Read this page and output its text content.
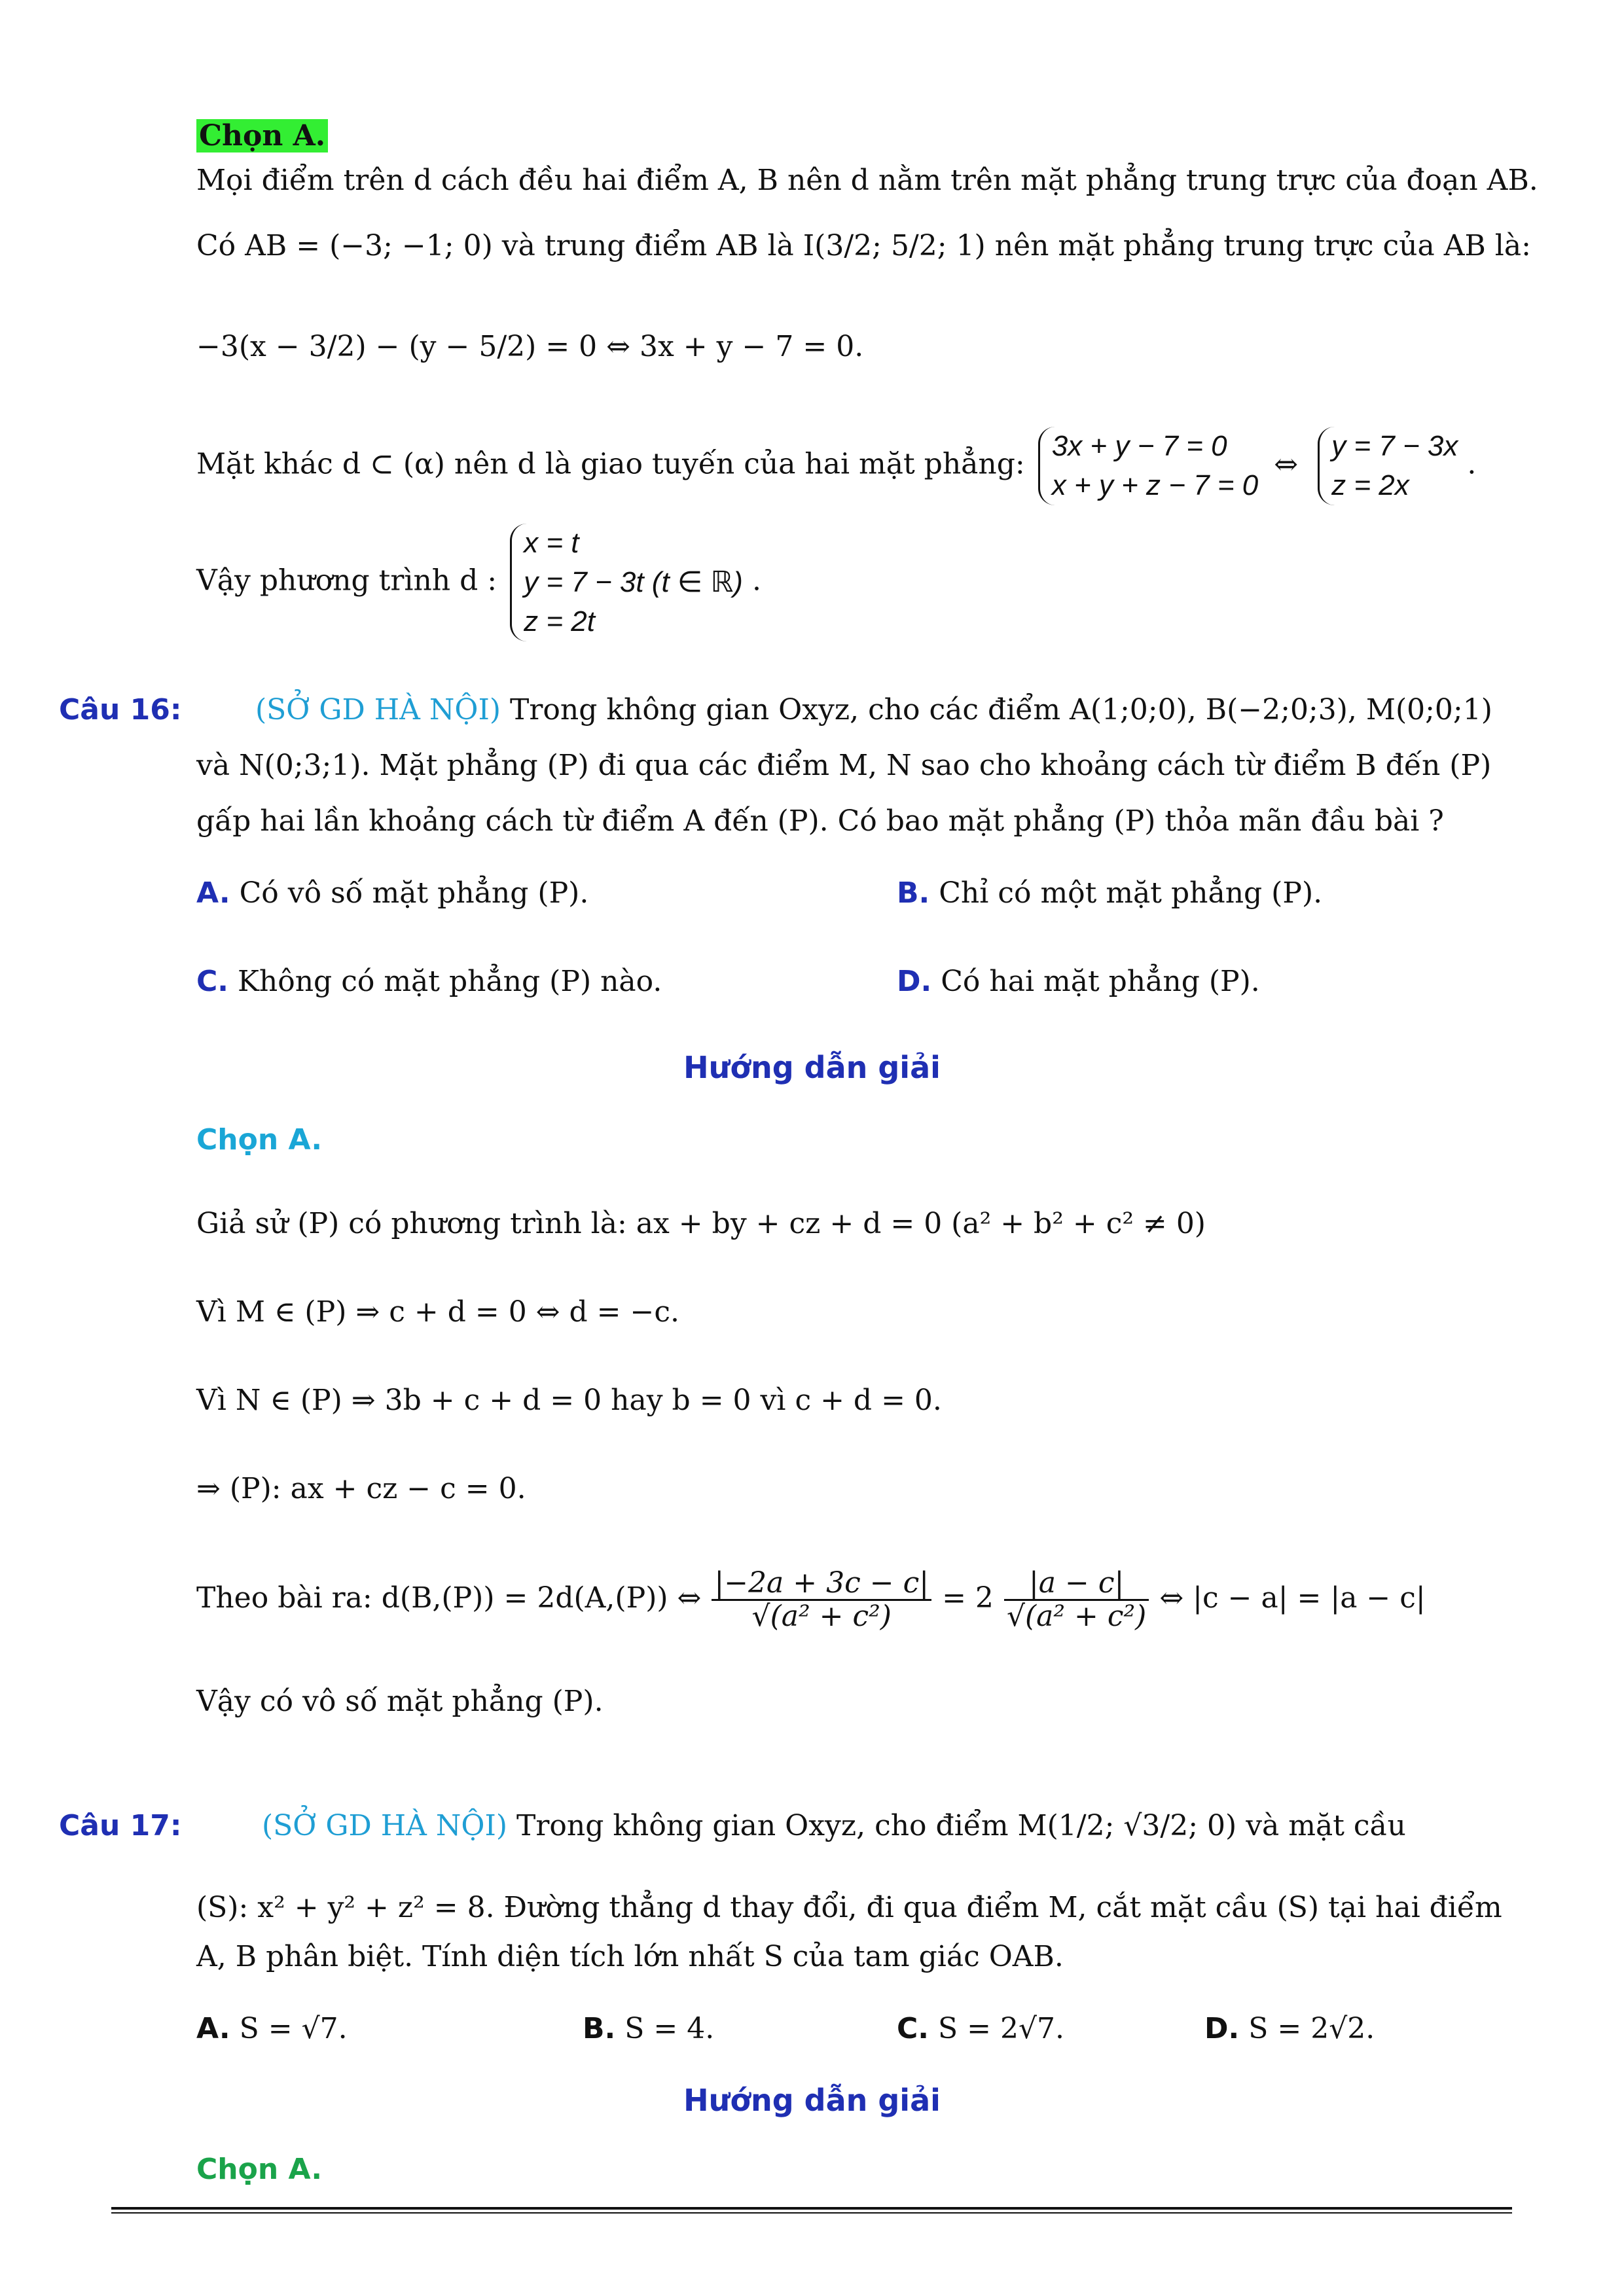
Chọn A.
Mọi điểm trên d cách đều hai điểm A, B nên d nằm trên mặt phẳng trung trực của đoạn AB.
Có AB = (−3; −1; 0) và trung điểm AB là I(3/2; 5/2; 1) nên mặt phẳng trung trực của AB là:
−3(x − 3/2) − (y − 5/2) = 0 ⇔ 3x + y − 7 = 0.
Mặt khác d ⊂ (α) nên d là giao tuyến của hai mặt phẳng:
3x + y − 7 = 0
x + y + z − 7 = 0
⇔
y = 7 − 3x
z = 2x
.
Vậy phương trình d :
x = t
y = 7 − 3t (t ∈ ℝ)
z = 2t
.
Câu 16:	(SỞ GD HÀ NỘI) Trong không gian Oxyz, cho các điểm A(1;0;0), B(−2;0;3), M(0;0;1)
và N(0;3;1). Mặt phẳng (P) đi qua các điểm M, N sao cho khoảng cách từ điểm B đến (P)
gấp hai lần khoảng cách từ điểm A đến (P). Có bao mặt phẳng (P) thỏa mãn đầu bài ?
A. Có vô số mặt phẳng (P).	B. Chỉ có một mặt phẳng (P).
C. Không có mặt phẳng (P) nào.	D. Có hai mặt phẳng (P).
Hướng dẫn giải
Chọn A.
Giả sử (P) có phương trình là: ax + by + cz + d = 0 (a² + b² + c² ≠ 0)
Vì M ∈ (P) ⇒ c + d = 0 ⇔ d = −c.
Vì N ∈ (P) ⇒ 3b + c + d = 0 hay b = 0 vì c + d = 0.
⇒ (P): ax + cz − c = 0.
Theo bài ra: d(B,(P)) = 2d(A,(P)) ⇔ $\frac{|-2a + 3c - c|}{\text{√(a² + c²)}} = 2 \frac{|a - c|}{\text{√(a² + c²)}}$ ⇔ |c − a| = |a − c|
Vậy có vô số mặt phẳng (P).
Câu 17:	(SỞ GD HÀ NỘI) Trong không gian Oxyz, cho điểm M(1/2; √3/2; 0) và mặt cầu
(S): x² + y² + z² = 8. Đường thẳng d thay đổi, đi qua điểm M, cắt mặt cầu (S) tại hai điểm
A, B phân biệt. Tính diện tích lớn nhất S của tam giác OAB.
A. S = √7.	B. S = 4.	C. S = 2√7.	D. S = 2√2.
Hướng dẫn giải
Chọn A.
